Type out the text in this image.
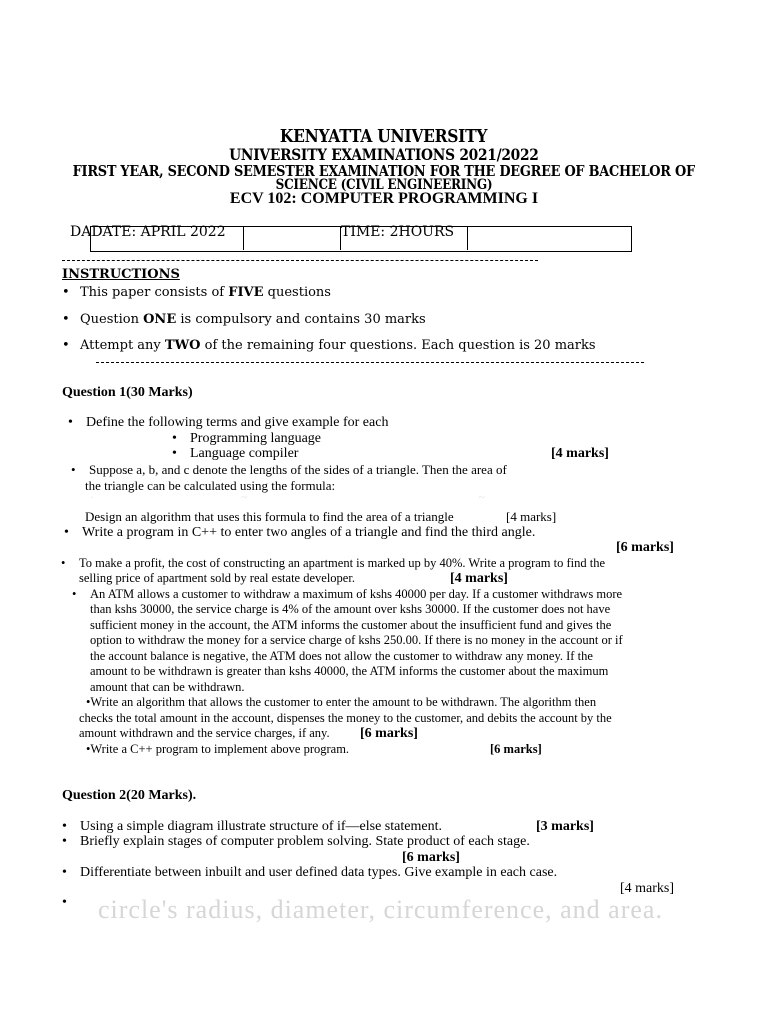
KENYATTA UNIVERSITY
UNIVERSITY EXAMINATIONS 2021/2022
FIRST YEAR, SECOND SEMESTER EXAMINATION FOR THE DEGREE OF BACHELOR OF
SCIENCE (CIVIL ENGINEERING)
ECV 102: COMPUTER PROGRAMMING I
DADATE: APRIL 2022	TIME: 2HOURS
INSTRUCTIONS
• This paper consists of FIVE questions
• Question ONE is compulsory and contains 30 marks
• Attempt any TWO of the remaining four questions. Each question is 20 marks
Question 1(30 Marks)
• Define the following terms and give example for each
• Programming language
• Language compiler	[4 marks]
• Suppose a, b, and c denote the lengths of the sides of a triangle. Then the area of
the triangle can be calculated using the formula:
·                                                 ~                                                                             ~
Design an algorithm that uses this formula to find the area of a triangle	[4 marks]
• Write a program in C++ to enter two angles of a triangle and find the third angle.
[6 marks]
• To make a profit, the cost of constructing an apartment is marked up by 40%. Write a program to find the
selling price of apartment sold by real estate developer.	[4 marks]
• An ATM allows a customer to withdraw a maximum of kshs 40000 per day. If a customer withdraws more
than kshs 30000, the service charge is 4% of the amount over kshs 30000. If the customer does not have
sufficient money in the account, the ATM informs the customer about the insufficient fund and gives the
option to withdraw the money for a service charge of kshs 250.00. If there is no money in the account or if
the account balance is negative, the ATM does not allow the customer to withdraw any money. If the
amount to be withdrawn is greater than kshs 40000, the ATM informs the customer about the maximum
amount that can be withdrawn.
•Write an algorithm that allows the customer to enter the amount to be withdrawn. The algorithm then
checks the total amount in the account, dispenses the money to the customer, and debits the account by the
amount withdrawn and the service charges, if any. [6 marks]
•Write a C++ program to implement above program.	[6 marks]
Question 2(20 Marks).
• Using a simple diagram illustrate structure of if—else statement.	[3 marks]
• Briefly explain stages of computer problem solving. State product of each stage.
[6 marks]
• Differentiate between inbuilt and user defined data types. Give example in each case.
[4 marks]
• circle's radius, diameter, circumference, and area.
